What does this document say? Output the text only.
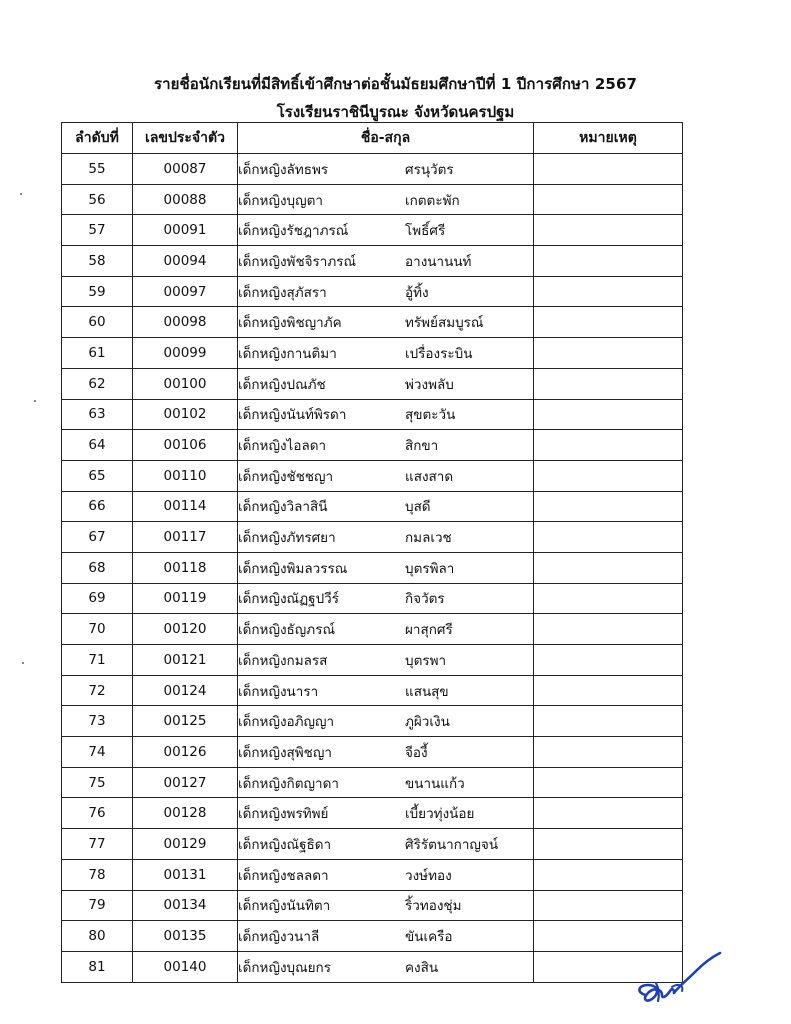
รายชื่อนักเรียนที่มีสิทธิ์เข้าศึกษาต่อชั้นมัธยมศึกษาปีที่ 1 ปีการศึกษา 2567
โรงเรียนราชินีบูรณะ จังหวัดนครปฐม
ลำดับที่	เลขประจำตัว	ชื่อ-สกุล	หมายเหตุ
55	00087	เด็กหญิงลัทธพร ศรนุวัตร	
56	00088	เด็กหญิงบุญตา เกตตะพัก	
57	00091	เด็กหญิงรัชฎาภรณ์ โพธิ์ศรี	
58	00094	เด็กหญิงพัชจิราภรณ์ อางนานนท์	
59	00097	เด็กหญิงสุภัสรา อู้ทิ้ง	
60	00098	เด็กหญิงพิชญาภัค ทรัพย์สมบูรณ์	
61	00099	เด็กหญิงกานติมา เปรื่องระบิน	
62	00100	เด็กหญิงปณภัช พ่วงพลับ	
63	00102	เด็กหญิงนันท์พิรดา สุขตะวัน	
64	00106	เด็กหญิงไอลดา สิกขา	
65	00110	เด็กหญิงชัชชญา แสงสาด	
66	00114	เด็กหญิงวิลาสินี บุสดี	
67	00117	เด็กหญิงภัทรศยา กมลเวช	
68	00118	เด็กหญิงพิมลวรรณ บุตรพิลา	
69	00119	เด็กหญิงณัฏฐปวีร์ กิจวัตร	
70	00120	เด็กหญิงธัญภรณ์ ผาสุกศรี	
71	00121	เด็กหญิงกมลรส บุตรพา	
72	00124	เด็กหญิงนารา แสนสุข	
73	00125	เด็กหญิงอภิญญา ภูผิวเงิน	
74	00126	เด็กหญิงสุพิชญา จีองี้	
75	00127	เด็กหญิงกิตญาดา ขนานแก้ว	
76	00128	เด็กหญิงพรทิพย์ เบี้ยวทุ่งน้อย	
77	00129	เด็กหญิงณัฐธิดา ศิริรัตนากาญจน์	
78	00131	เด็กหญิงชลลดา วงษ์ทอง	
79	00134	เด็กหญิงนันทิตา ริ้วทองชุ่ม	
80	00135	เด็กหญิงวนาลี ขันเครือ	
81	00140	เด็กหญิงบุณยกร คงสิน	
